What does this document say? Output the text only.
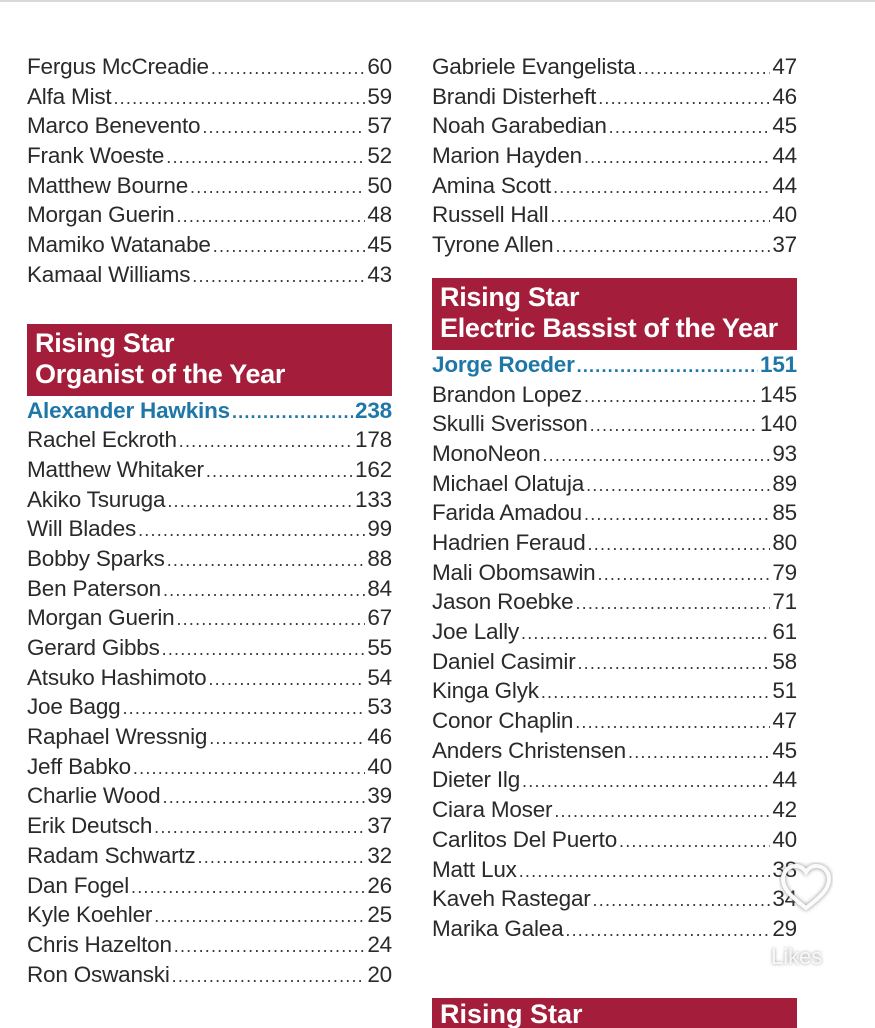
Fergus McCreadie .....	60
Alfa Mist .....	59
Marco Benevento .....	57
Frank Woeste .....	52
Matthew Bourne .....	50
Morgan Guerin .....	48
Mamiko Watanabe .....	45
Kamaal Williams .....	43
Rising Star
Organist of the Year
Alexander Hawkins .....	238
Rachel Eckroth .....	178
Matthew Whitaker .....	162
Akiko Tsuruga .....	133
Will Blades .....	99
Bobby Sparks .....	88
Ben Paterson .....	84
Morgan Guerin .....	67
Gerard Gibbs .....	55
Atsuko Hashimoto .....	54
Joe Bagg .....	53
Raphael Wressnig .....	46
Jeff Babko .....	40
Charlie Wood .....	39
Erik Deutsch .....	37
Radam Schwartz .....	32
Dan Fogel .....	26
Kyle Koehler .....	25
Chris Hazelton .....	24
Ron Oswanski .....	20
Gabriele Evangelista .....	47
Brandi Disterheft .....	46
Noah Garabedian .....	45
Marion Hayden .....	44
Amina Scott .....	44
Russell Hall .....	40
Tyrone Allen .....	37
Rising Star
Electric Bassist of the Year
Jorge Roeder .....	151
Brandon Lopez .....	145
Skulli Sverisson .....	140
MonoNeon .....	93
Michael Olatuja .....	89
Farida Amadou .....	85
Hadrien Feraud .....	80
Mali Obomsawin .....	79
Jason Roebke .....	71
Joe Lally .....	61
Daniel Casimir .....	58
Kinga Glyk .....	51
Conor Chaplin .....	47
Anders Christensen .....	45
Dieter Ilg .....	44
Ciara Moser .....	42
Carlitos Del Puerto .....	40
Matt Lux .....	38
Kaveh Rastegar .....	34
Marika Galea .....	29
Rising Star
Likes
